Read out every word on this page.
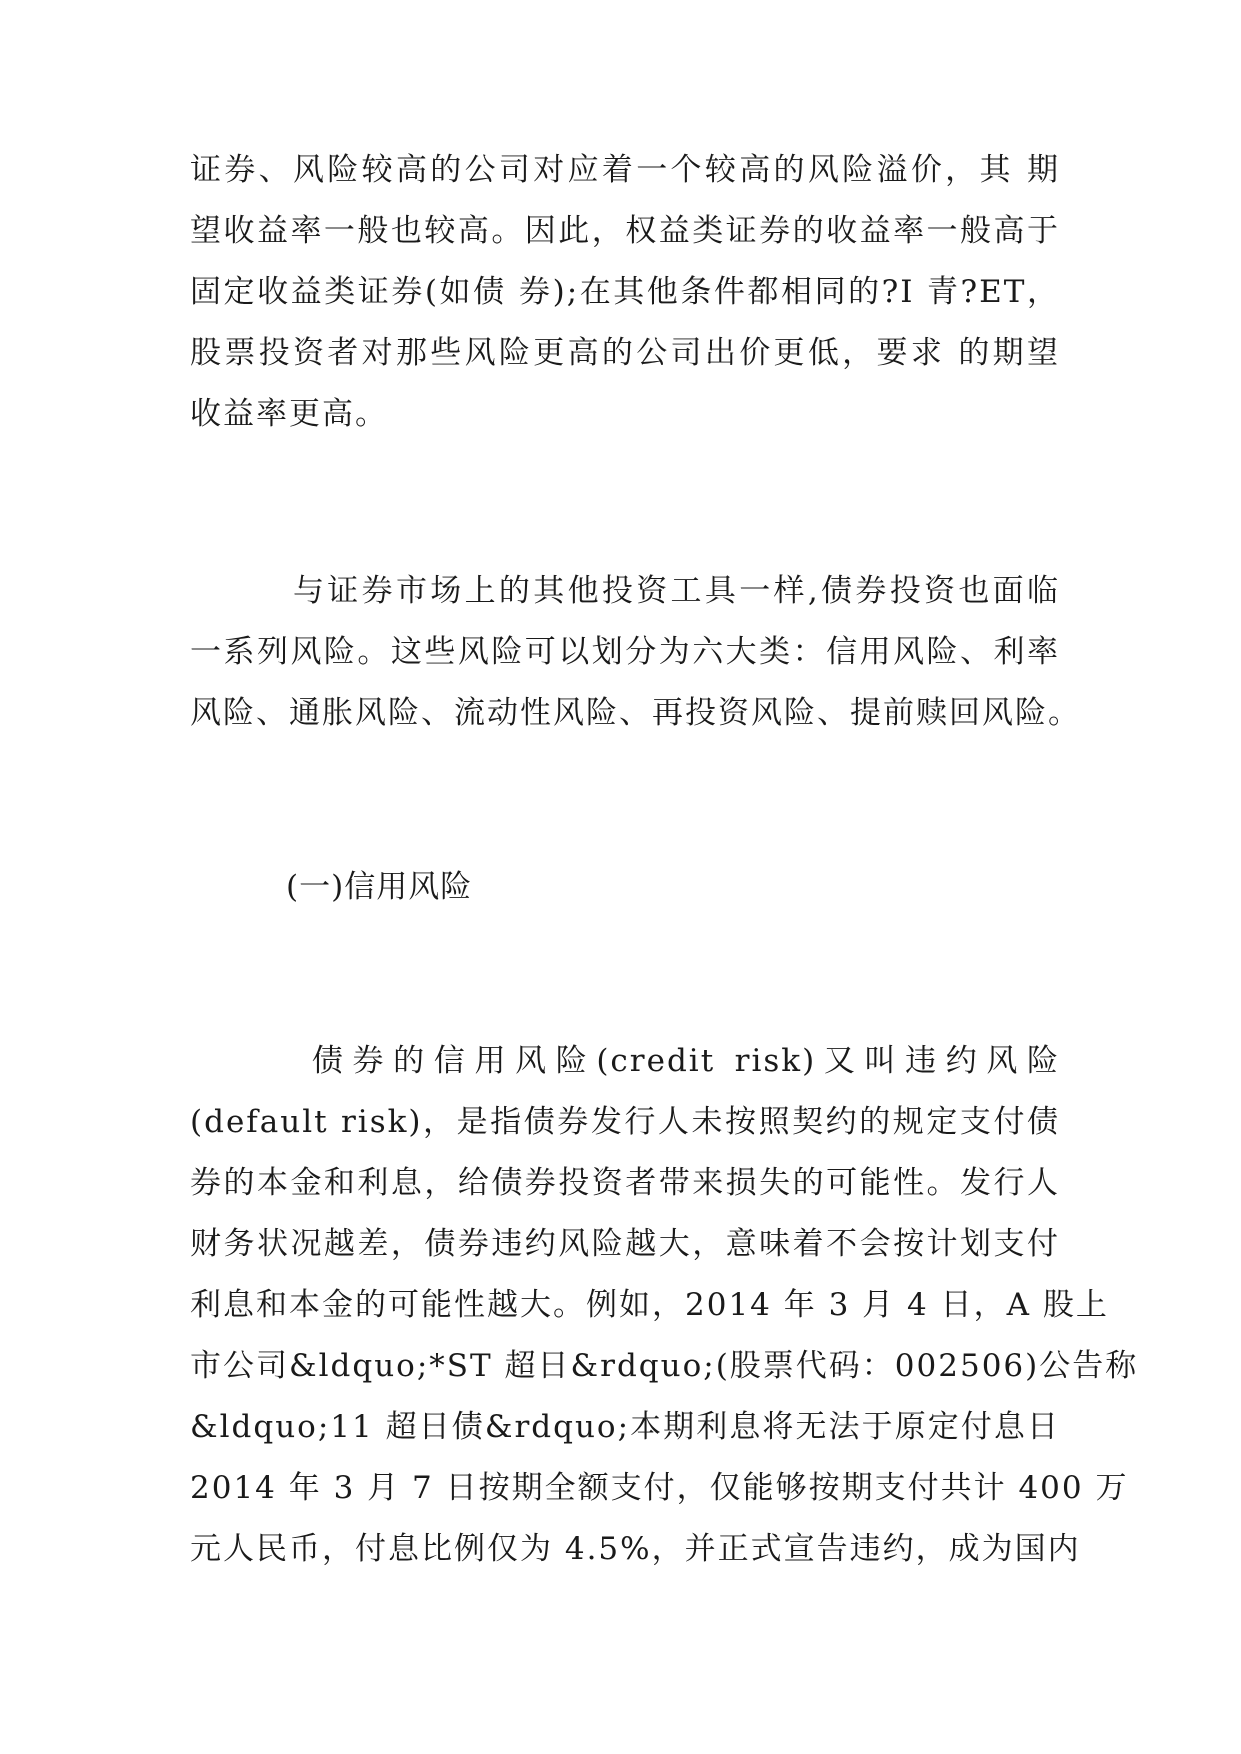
证券、风险较高的公司对应着一个较高的风险溢价，其 期
望收益率一般也较高。因此，权益类证券的收益率一般高于
固定收益类证券(如债 券);在其他条件都相同的?I 青?ET，
股票投资者对那些风险更高的公司出价更低，要求 的期望
收益率更高。
　　　与证券市场上的其他投资工具一样,债券投资也面临
一系列风险。这些风险可以划分为六大类：信用风险、利率
风险、通胀风险、流动性风险、再投资风险、提前赎回风险。
　　　(一)信用风险
　　　债券的信用风险(credit risk)又叫违约风险
(default risk)，是指债券发行人未按照契约的规定支付债
券的本金和利息，给债券投资者带来损失的可能性。发行人
财务状况越差，债券违约风险越大，意味着不会按计划支付
利息和本金的可能性越大。例如，2014 年 3 月 4 日，A 股上
市公司&ldquo;*ST 超日&rdquo;(股票代码：002506)公告称
&ldquo;11 超日债&rdquo;本期利息将无法于原定付息日
2014 年 3 月 7 日按期全额支付，仅能够按期支付共计 400 万
元人民币，付息比例仅为 4.5%，并正式宣告违约，成为国内
